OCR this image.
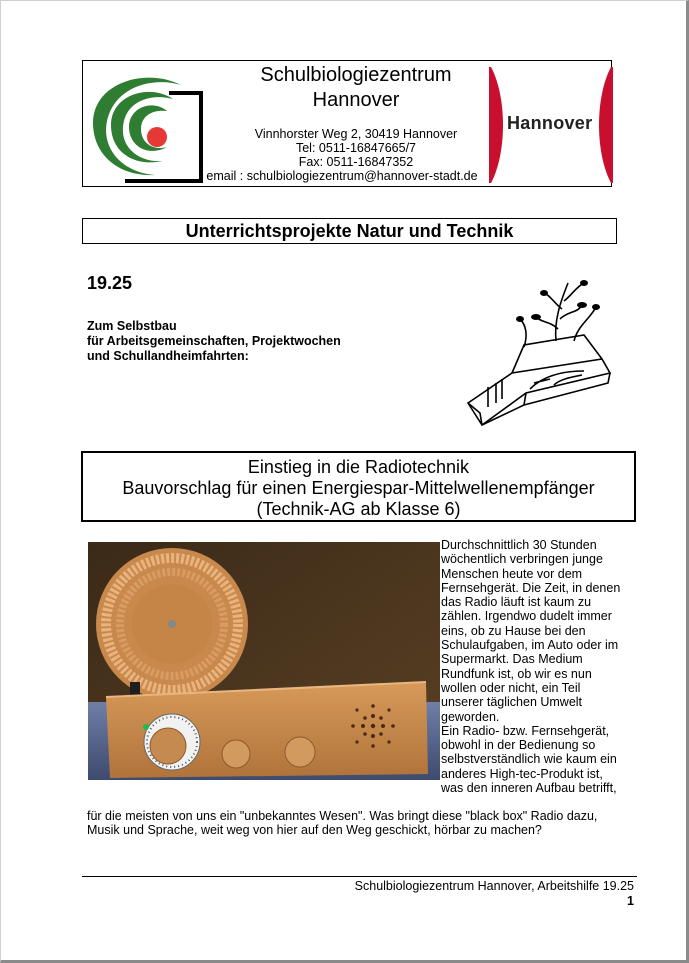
Schulbiologiezentrum
Hannover
Vinnhorster Weg 2, 30419 Hannover
Tel: 0511-16847665/7
Fax: 0511-16847352
email : schulbiologiezentrum@hannover-stadt.de
Hannover
Unterrichtsprojekte Natur und Technik
19.25
Zum Selbstbau
für Arbeitsgemeinschaften, Projektwochen
und Schullandheimfahrten:
Einstieg in die Radiotechnik
Bauvorschlag für einen Energiespar-Mittelwellenempfänger
(Technik-AG ab Klasse 6)
Durchschnittlich 30 Stunden
wöchentlich verbringen junge
Menschen heute vor dem
Fernsehgerät. Die Zeit, in denen
das Radio läuft ist kaum zu
zählen. Irgendwo dudelt immer
eins, ob zu Hause bei den
Schulaufgaben, im Auto oder im
Supermarkt. Das Medium
Rundfunk ist, ob wir es nun
wollen oder nicht, ein Teil
unserer täglichen Umwelt
geworden.
Ein Radio- bzw. Fernsehgerät,
obwohl in der Bedienung so
selbstverständlich wie kaum ein
anderes High-tec-Produkt ist,
was den inneren Aufbau betrifft,
für die meisten von uns ein "unbekanntes Wesen". Was bringt diese "black box" Radio dazu,
Musik und Sprache, weit weg von hier auf den Weg geschickt, hörbar zu machen?
Schulbiologiezentrum Hannover, Arbeitshilfe 19.25
1
